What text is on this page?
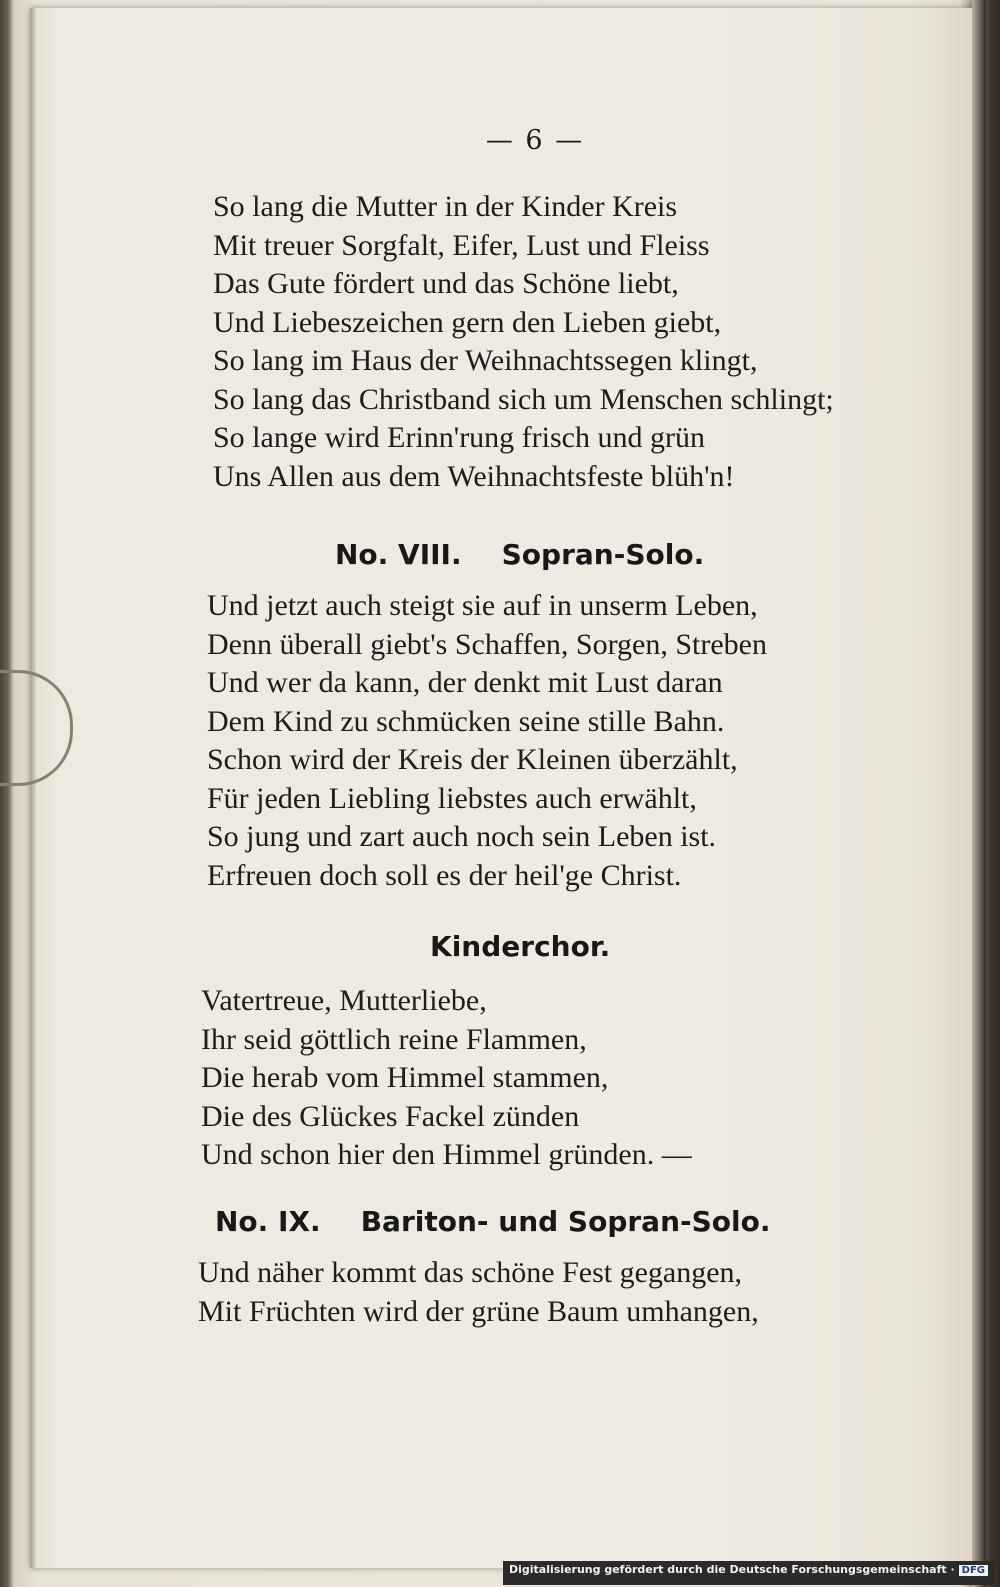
— 6 —
So lang die Mutter in der Kinder Kreis
Mit treuer Sorgfalt, Eifer, Lust und Fleiss
Das Gute fördert und das Schöne liebt,
Und Liebeszeichen gern den Lieben giebt,
So lang im Haus der Weihnachtssegen klingt,
So lang das Christband sich um Menschen schlingt;
So lange wird Erinn'rung frisch und grün
Uns Allen aus dem Weihnachtsfeste blüh'n!
No. VIII. Sopran-Solo.
Und jetzt auch steigt sie auf in unserm Leben,
Denn überall giebt's Schaffen, Sorgen, Streben
Und wer da kann, der denkt mit Lust daran
Dem Kind zu schmücken seine stille Bahn.
Schon wird der Kreis der Kleinen überzählt,
Für jeden Liebling liebstes auch erwählt,
So jung und zart auch noch sein Leben ist.
Erfreuen doch soll es der heil'ge Christ.
Kinderchor.
Vatertreue, Mutterliebe,
Ihr seid göttlich reine Flammen,
Die herab vom Himmel stammen,
Die des Glückes Fackel zünden
Und schon hier den Himmel gründen. —
No. IX. Bariton- und Sopran-Solo.
Und näher kommt das schöne Fest gegangen,
Mit Früchten wird der grüne Baum umhangen,
Digitalisierung gefördert durch die Deutsche Forschungsgemeinschaft · DFG
